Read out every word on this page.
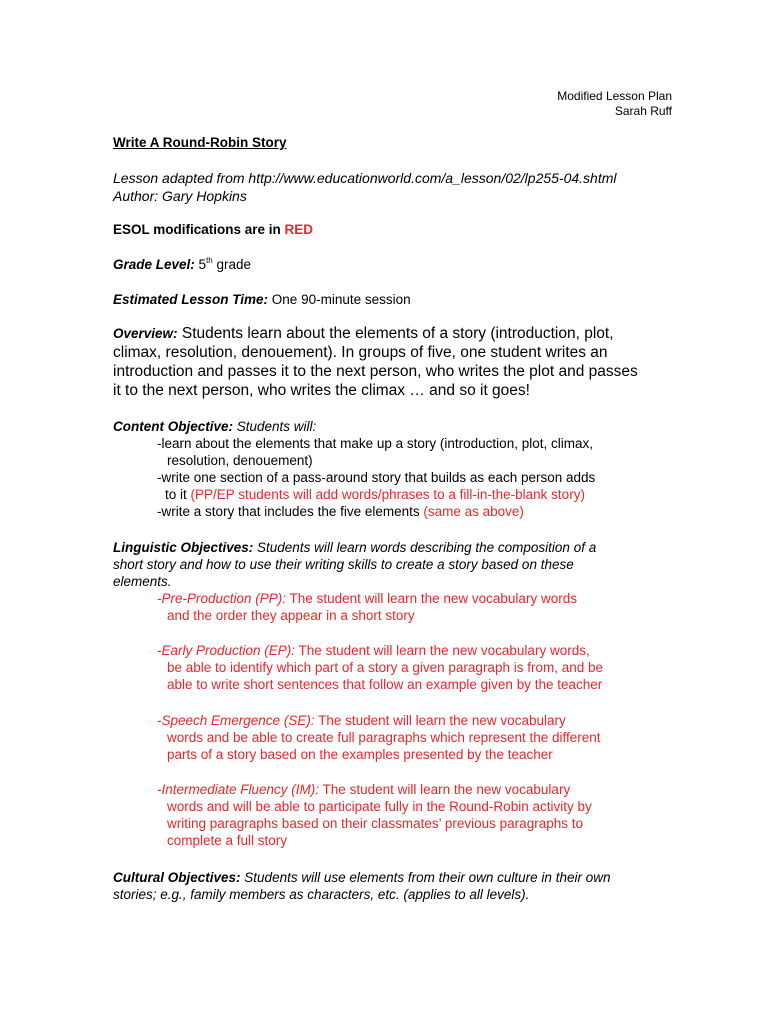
Modified Lesson Plan
Sarah Ruff
Write A Round-Robin Story
Lesson adapted from http://www.educationworld.com/a_lesson/02/lp255-04.shtml
Author: Gary Hopkins
ESOL modifications are in RED
Grade Level: 5th grade
Estimated Lesson Time: One 90-minute session
Overview: Students learn about the elements of a story (introduction, plot,
climax, resolution, denouement). In groups of five, one student writes an
introduction and passes it to the next person, who writes the plot and passes
it to the next person, who writes the climax … and so it goes!
Content Objective: Students will:
-learn about the elements that make up a story (introduction, plot, climax,
resolution, denouement)
-write one section of a pass-around story that builds as each person adds
to it (PP/EP students will add words/phrases to a fill-in-the-blank story)
-write a story that includes the five elements (same as above)
Linguistic Objectives: Students will learn words describing the composition of a
short story and how to use their writing skills to create a story based on these
elements.
-Pre-Production (PP): The student will learn the new vocabulary words
and the order they appear in a short story
-Early Production (EP): The student will learn the new vocabulary words,
be able to identify which part of a story a given paragraph is from, and be
able to write short sentences that follow an example given by the teacher
-Speech Emergence (SE): The student will learn the new vocabulary
words and be able to create full paragraphs which represent the different
parts of a story based on the examples presented by the teacher
-Intermediate Fluency (IM): The student will learn the new vocabulary
words and will be able to participate fully in the Round-Robin activity by
writing paragraphs based on their classmates’ previous paragraphs to
complete a full story
Cultural Objectives: Students will use elements from their own culture in their own
stories; e.g., family members as characters, etc. (applies to all levels).
